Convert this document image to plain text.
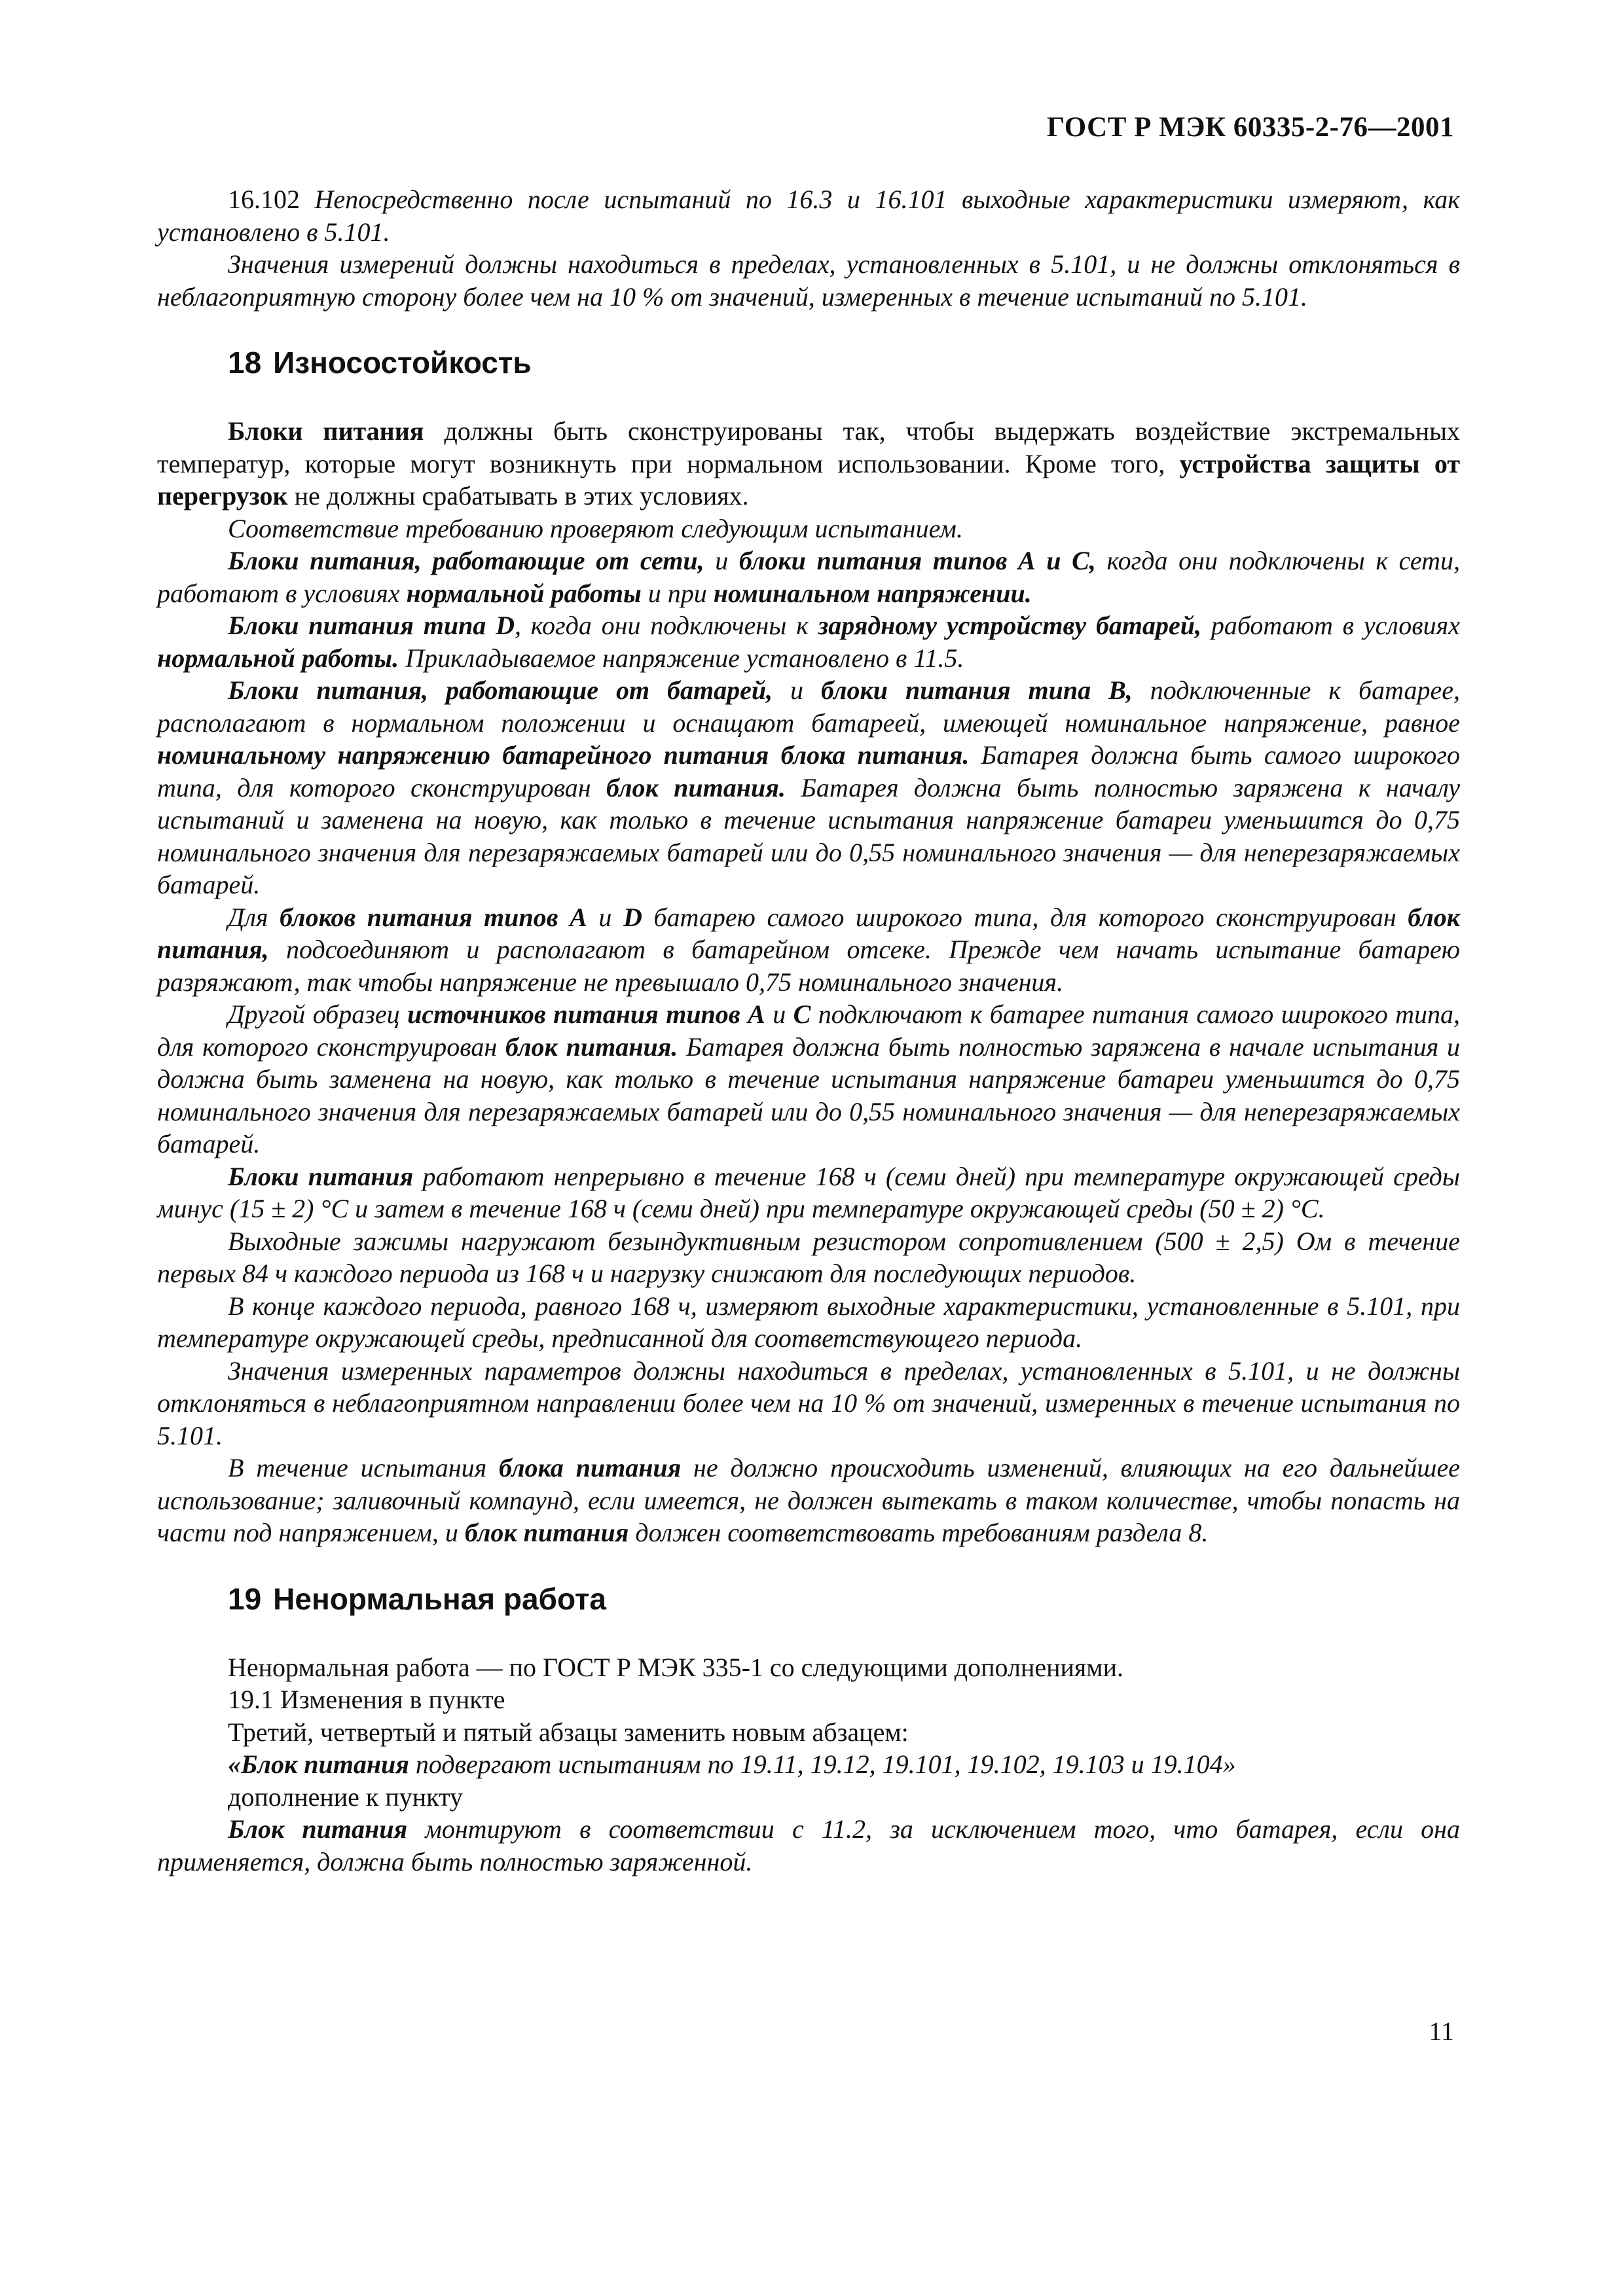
ГОСТ Р МЭК 60335-2-76—2001

16.102 Непосредственно после испытаний по 16.3 и 16.101 выходные характеристики измеряют, как установлено в 5.101.

Значения измерений должны находиться в пределах, установленных в 5.101, и не должны отклоняться в неблагоприятную сторону более чем на 10 % от значений, измеренных в течение испытаний по 5.101.

18 Износостойкость

Блоки питания должны быть сконструированы так, чтобы выдержать воздействие экстремальных температур, которые могут возникнуть при нормальном использовании. Кроме того, устройства защиты от перегрузок не должны срабатывать в этих условиях.

Соответствие требованию проверяют следующим испытанием.

Блоки питания, работающие от сети, и блоки питания типов А и С, когда они подключены к сети, работают в условиях нормальной работы и при номинальном напряжении.

Блоки питания типа D, когда они подключены к зарядному устройству батарей, работают в условиях нормальной работы. Прикладываемое напряжение установлено в 11.5.

Блоки питания, работающие от батарей, и блоки питания типа В, подключенные к батарее, располагают в нормальном положении и оснащают батареей, имеющей номинальное напряжение, равное номинальному напряжению батарейного питания блока питания. Батарея должна быть самого широкого типа, для которого сконструирован блок питания. Батарея должна быть полностью заряжена к началу испытаний и заменена на новую, как только в течение испытания напряжение батареи уменьшится до 0,75 номинального значения для перезаряжаемых батарей или до 0,55 номинального значения — для неперезаряжаемых батарей.

Для блоков питания типов А и D батарею самого широкого типа, для которого сконструирован блок питания, подсоединяют и располагают в батарейном отсеке. Прежде чем начать испытание батарею разряжают, так чтобы напряжение не превышало 0,75 номинального значения.

Другой образец источников питания типов А и С подключают к батарее питания самого широкого типа, для которого сконструирован блок питания. Батарея должна быть полностью заряжена в начале испытания и должна быть заменена на новую, как только в течение испытания напряжение батареи уменьшится до 0,75 номинального значения для перезаряжаемых батарей или до 0,55 номинального значения — для неперезаряжаемых батарей.

Блоки питания работают непрерывно в течение 168 ч (семи дней) при температуре окружающей среды минус (15 ± 2) °С и затем в течение 168 ч (семи дней) при температуре окружающей среды (50 ± 2) °С.

Выходные зажимы нагружают безындуктивным резистором сопротивлением (500 ± 2,5) Ом в течение первых 84 ч каждого периода из 168 ч и нагрузку снижают для последующих периодов.

В конце каждого периода, равного 168 ч, измеряют выходные характеристики, установленные в 5.101, при температуре окружающей среды, предписанной для соответствующего периода.

Значения измеренных параметров должны находиться в пределах, установленных в 5.101, и не должны отклоняться в неблагоприятном направлении более чем на 10 % от значений, измеренных в течение испытания по 5.101.

В течение испытания блока питания не должно происходить изменений, влияющих на его дальнейшее использование; заливочный компаунд, если имеется, не должен вытекать в таком количестве, чтобы попасть на части под напряжением, и блок питания должен соответствовать требованиям раздела 8.

19 Ненормальная работа

Ненормальная работа — по ГОСТ Р МЭК 335-1 со следующими дополнениями.

19.1 Изменения в пункте

Третий, четвертый и пятый абзацы заменить новым абзацем:

«Блок питания подвергают испытаниям по 19.11, 19.12, 19.101, 19.102, 19.103 и 19.104»

дополнение к пункту

Блок питания монтируют в соответствии с 11.2, за исключением того, что батарея, если она применяется, должна быть полностью заряженной.

11
